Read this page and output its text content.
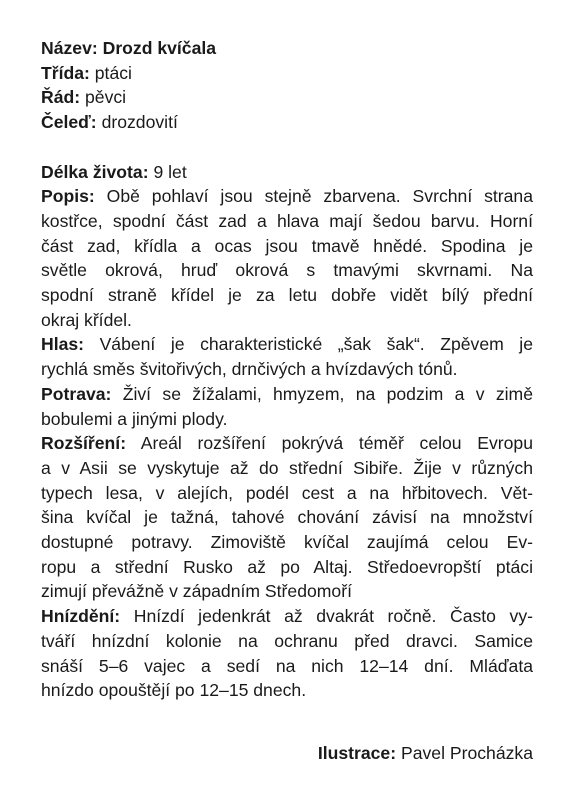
Název: Drozd kvíčala
Třída: ptáci
Řád: pěvci
Čeleď: drozdovití
Délka života: 9 let
Popis: Obě pohlaví jsou stejně zbarvena. Svrchní strana
kostřce, spodní část zad a hlava mají šedou barvu. Horní
část zad, křídla a ocas jsou tmavě hnědé. Spodina je
světle okrová, hruď okrová s tmavými skvrnami. Na
spodní straně křídel je za letu dobře vidět bílý přední
okraj křídel.
Hlas: Vábení je charakteristické „šak šak“. Zpěvem je
rychlá směs švitořivých, drnčivých a hvízdavých tónů.
Potrava: Živí se žížalami, hmyzem, na podzim a v zimě
bobulemi a jinými plody.
Rozšíření: Areál rozšíření pokrývá téměř celou Evropu
a v Asii se vyskytuje až do střední Sibiře. Žije v různých
typech lesa, v alejích, podél cest a na hřbitovech. Vět-
šina kvíčal je tažná, tahové chování závisí na množství
dostupné potravy. Zimoviště kvíčal zaujímá celou Ev-
ropu a střední Rusko až po Altaj. Středoevropští ptáci
zimují převážně v západním Středomoří
Hnízdění: Hnízdí jedenkrát až dvakrát ročně. Často vy-
tváří hnízdní kolonie na ochranu před dravci. Samice
snáší 5–6 vajec a sedí na nich 12–14 dní. Mláďata
hnízdo opouštějí po 12–15 dnech.
Ilustrace: Pavel Procházka
